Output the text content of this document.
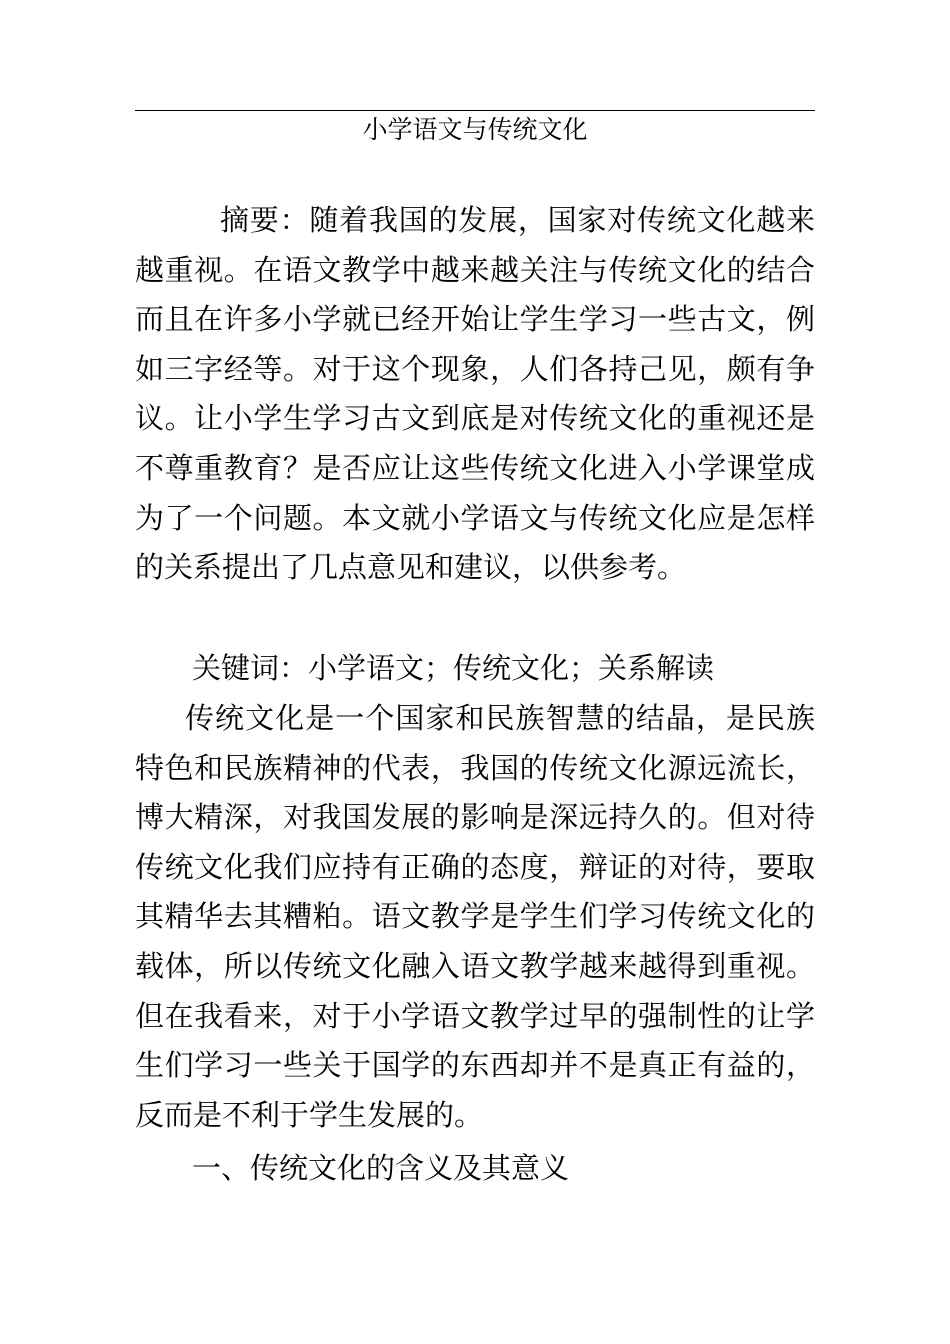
小学语文与传统文化

摘要：随着我国的发展，国家对传统文化越来越重视。在语文教学中越来越关注与传统文化的结合而且在许多小学就已经开始让学生学习一些古文，例如三字经等。对于这个现象，人们各持己见，颇有争议。让小学生学习古文到底是对传统文化的重视还是不尊重教育？是否应让这些传统文化进入小学课堂成为了一个问题。本文就小学语文与传统文化应是怎样的关系提出了几点意见和建议，以供参考。

关键词：小学语文；传统文化；关系解读

传统文化是一个国家和民族智慧的结晶，是民族特色和民族精神的代表，我国的传统文化源远流长，博大精深，对我国发展的影响是深远持久的。但对待传统文化我们应持有正确的态度，辩证的对待，要取其精华去其糟粕。语文教学是学生们学习传统文化的载体，所以传统文化融入语文教学越来越得到重视。但在我看来，对于小学语文教学过早的强制性的让学生们学习一些关于国学的东西却并不是真正有益的，反而是不利于学生发展的。

一、传统文化的含义及其意义
